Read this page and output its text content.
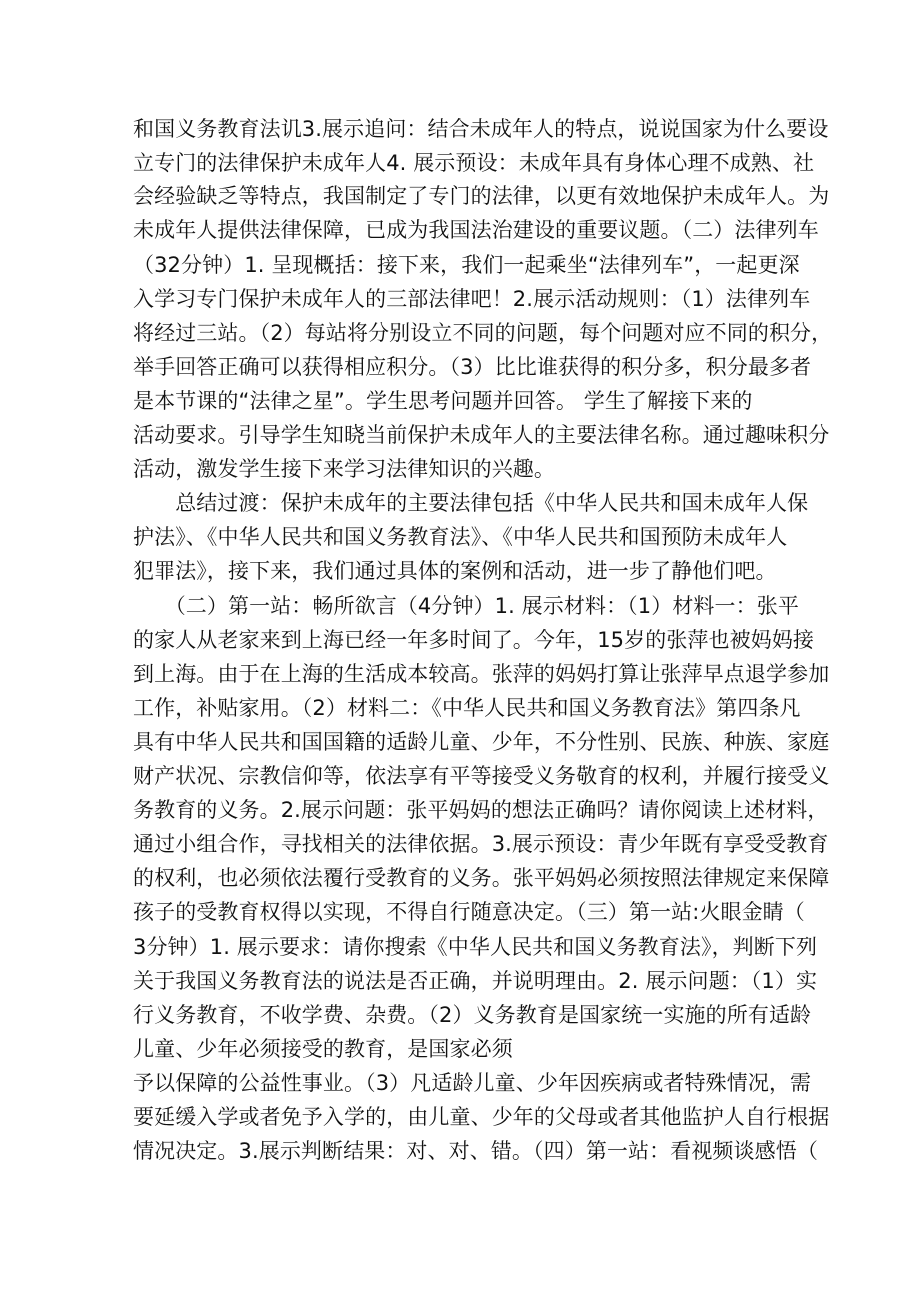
和国义务教育法讥3.展示追问：结合未成年人的特点，说说国家为什么要设
立专门的法律保护未成年人4. 展示预设：未成年具有身体心理不成熟、社
会经验缺乏等特点，我国制定了专门的法律，以更有效地保护未成年人。为
未成年人提供法律保障，已成为我国法治建设的重要议题。（二）法律列车
（32分钟）1. 呈现概括：接下来，我们一起乘坐“法律列车”，一起更深
入学习专门保护未成年人的三部法律吧！2.展示活动规则：（1）法律列车
将经过三站。（2）每站将分别设立不同的问题，每个问题对应不同的积分，
举手回答正确可以获得相应积分。（3）比比谁获得的积分多，积分最多者
是本节课的“法律之星”。学生思考问题并回答。 学生了解接下来的
活动要求。引导学生知晓当前保护未成年人的主要法律名称。通过趣味积分
活动，激发学生接下来学习法律知识的兴趣。
　　总结过渡：保护未成年的主要法律包括《中华人民共和国未成年人保
护法》、《中华人民共和国义务教育法》、《中华人民共和国预防未成年人
犯罪法》，接下来，我们通过具体的案例和活动，进一步了静他们吧。
　　（二）第一站：畅所欲言（4分钟）1. 展示材料：（1）材料一：张平
的家人从老家来到上海已经一年多时间了。今年，15岁的张萍也被妈妈接
到上海。由于在上海的生活成本较高。张萍的妈妈打算让张萍早点退学参加
工作，补贴家用。（2）材料二：《中华人民共和国义务教育法》第四条凡
具有中华人民共和国国籍的适龄儿童、少年，不分性别、民族、种族、家庭
财产状况、宗教信仰等，依法享有平等接受义务敬育的权利，并履行接受义
务教育的义务。2.展示问题：张平妈妈的想法正确吗？请你阅读上述材料，
通过小组合作，寻找相关的法律依据。3.展示预设：青少年既有享受受教育
的权利，也必须依法覆行受教育的义务。张平妈妈必须按照法律规定来保障
孩子的受教育权得以实现，不得自行随意决定。（三）第一站:火眼金睛（
3分钟）1. 展示要求：请你搜索《中华人民共和国义务教育法》，判断下列
关于我国义务教育法的说法是否正确，并说明理由。2. 展示问题：（1）实
行义务教育，不收学费、杂费。（2）义务教育是国家统一实施的所有适龄
儿童、少年必须接受的教育，是国家必须
予以保障的公益性事业。（3）凡适龄儿童、少年因疾病或者特殊情况，需
要延缓入学或者免予入学的，由儿童、少年的父母或者其他监护人自行根据
情况决定。3.展示判断结果：对、对、错。（四）第一站：看视频谈感悟（
